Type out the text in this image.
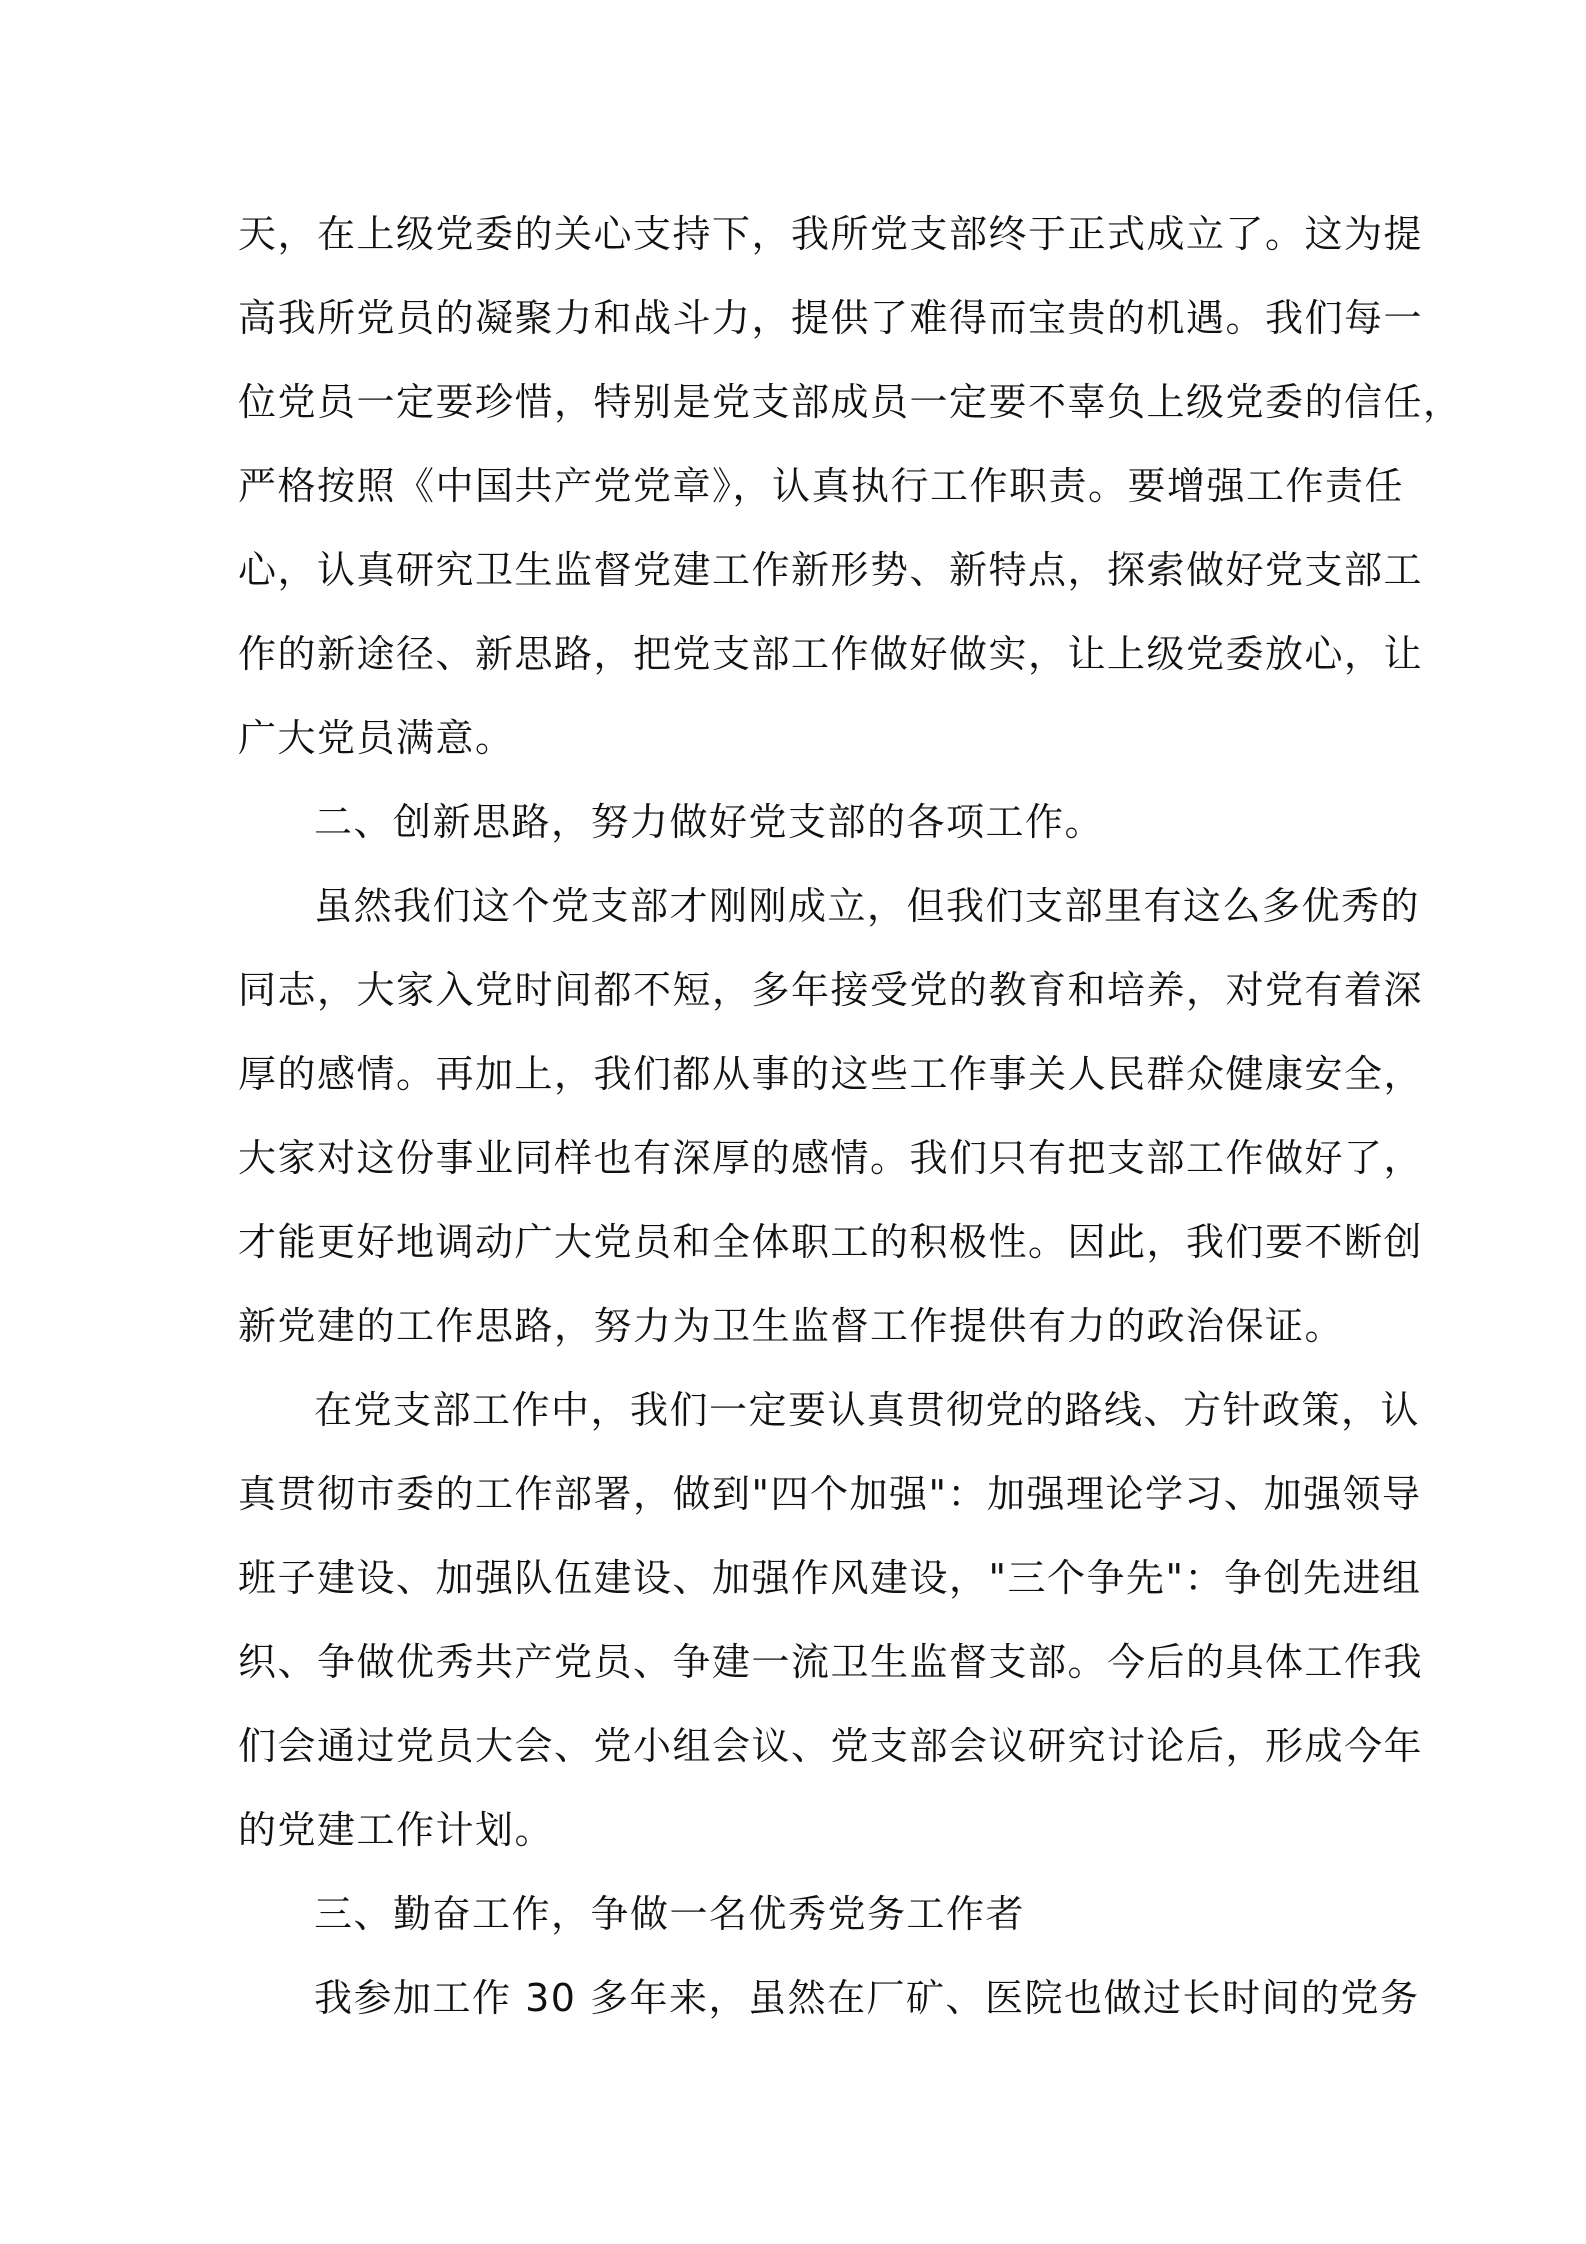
天，在上级党委的关心支持下，我所党支部终于正式成立了。这为提
高我所党员的凝聚力和战斗力，提供了难得而宝贵的机遇。我们每一
位党员一定要珍惜，特别是党支部成员一定要不辜负上级党委的信任，
严格按照《中国共产党党章》，认真执行工作职责。要增强工作责任
心，认真研究卫生监督党建工作新形势、新特点，探索做好党支部工
作的新途径、新思路，把党支部工作做好做实，让上级党委放心，让
广大党员满意。
二、创新思路，努力做好党支部的各项工作。
虽然我们这个党支部才刚刚成立，但我们支部里有这么多优秀的
同志，大家入党时间都不短，多年接受党的教育和培养，对党有着深
厚的感情。再加上，我们都从事的这些工作事关人民群众健康安全，
大家对这份事业同样也有深厚的感情。我们只有把支部工作做好了，
才能更好地调动广大党员和全体职工的积极性。因此，我们要不断创
新党建的工作思路，努力为卫生监督工作提供有力的政治保证。
在党支部工作中，我们一定要认真贯彻党的路线、方针政策，认
真贯彻市委的工作部署，做到"四个加强"：加强理论学习、加强领导
班子建设、加强队伍建设、加强作风建设，"三个争先"：争创先进组
织、争做优秀共产党员、争建一流卫生监督支部。今后的具体工作我
们会通过党员大会、党小组会议、党支部会议研究讨论后，形成今年
的党建工作计划。
三、勤奋工作，争做一名优秀党务工作者
我参加工作 30 多年来，虽然在厂矿、医院也做过长时间的党务
